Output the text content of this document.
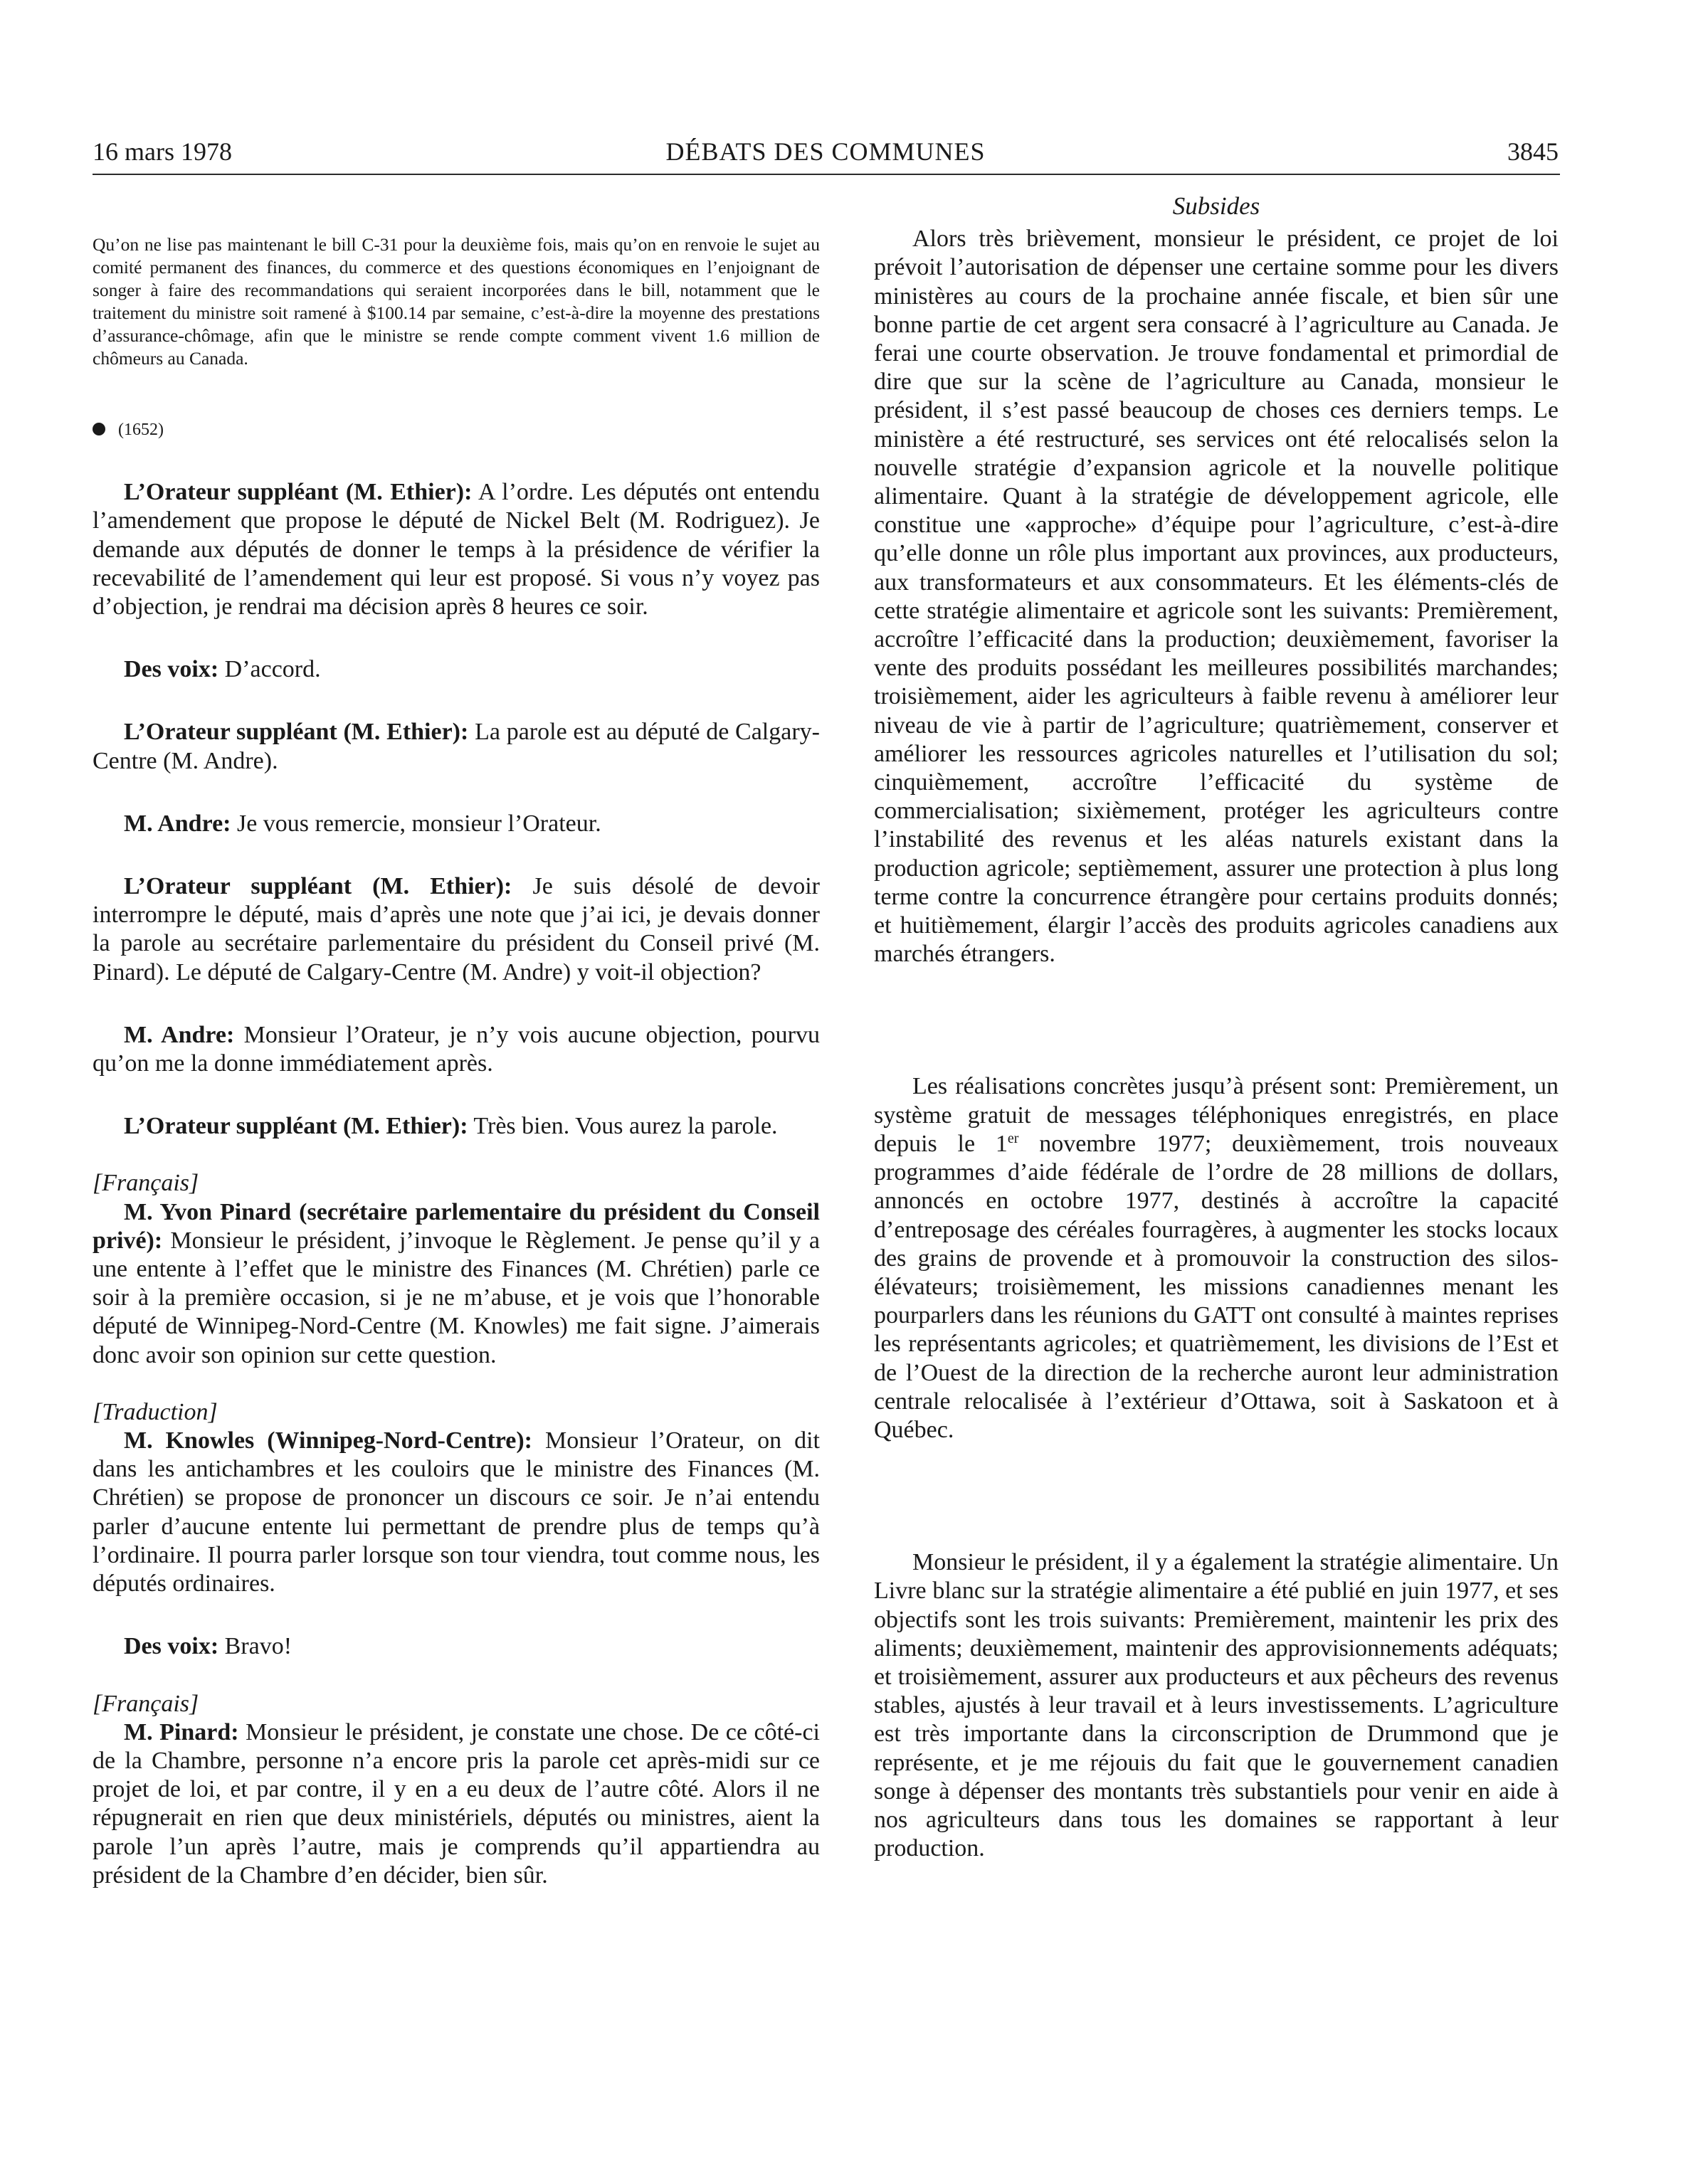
16 mars 1978	DÉBATS DES COMMUNES	3845

Qu’on ne lise pas maintenant le bill C-31 pour la deuxième fois, mais qu’on en renvoie le sujet au comité permanent des finances, du commerce et des questions économiques en l’enjoignant de songer à faire des recommandations qui seraient incorporées dans le bill, notamment que le traitement du ministre soit ramené à $100.14 par semaine, c’est-à-dire la moyenne des prestations d’assurance-chômage, afin que le ministre se rende compte comment vivent 1.6 million de chômeurs au Canada.

(1652)

L’Orateur suppléant (M. Ethier): A l’ordre. Les députés ont entendu l’amendement que propose le député de Nickel Belt (M. Rodriguez). Je demande aux députés de donner le temps à la présidence de vérifier la recevabilité de l’amendement qui leur est proposé. Si vous n’y voyez pas d’objection, je rendrai ma décision après 8 heures ce soir.

Des voix: D’accord.

L’Orateur suppléant (M. Ethier): La parole est au député de Calgary-Centre (M. Andre).

M. Andre: Je vous remercie, monsieur l’Orateur.

L’Orateur suppléant (M. Ethier): Je suis désolé de devoir interrompre le député, mais d’après une note que j’ai ici, je devais donner la parole au secrétaire parlementaire du président du Conseil privé (M. Pinard). Le député de Calgary-Centre (M. Andre) y voit-il objection?

M. Andre: Monsieur l’Orateur, je n’y vois aucune objection, pourvu qu’on me la donne immédiatement après.

L’Orateur suppléant (M. Ethier): Très bien. Vous aurez la parole.

[Français]

M. Yvon Pinard (secrétaire parlementaire du président du Conseil privé): Monsieur le président, j’invoque le Règlement. Je pense qu’il y a une entente à l’effet que le ministre des Finances (M. Chrétien) parle ce soir à la première occasion, si je ne m’abuse, et je vois que l’honorable député de Winnipeg-Nord-Centre (M. Knowles) me fait signe. J’aimerais donc avoir son opinion sur cette question.

[Traduction]

M. Knowles (Winnipeg-Nord-Centre): Monsieur l’Orateur, on dit dans les antichambres et les couloirs que le ministre des Finances (M. Chrétien) se propose de prononcer un discours ce soir. Je n’ai entendu parler d’aucune entente lui permettant de prendre plus de temps qu’à l’ordinaire. Il pourra parler lorsque son tour viendra, tout comme nous, les députés ordinaires.

Des voix: Bravo!

[Français]

M. Pinard: Monsieur le président, je constate une chose. De ce côté-ci de la Chambre, personne n’a encore pris la parole cet après-midi sur ce projet de loi, et par contre, il y en a eu deux de l’autre côté. Alors il ne répugnerait en rien que deux ministériels, députés ou ministres, aient la parole l’un après l’autre, mais je comprends qu’il appartiendra au président de la Chambre d’en décider, bien sûr.

Subsides

Alors très brièvement, monsieur le président, ce projet de loi prévoit l’autorisation de dépenser une certaine somme pour les divers ministères au cours de la prochaine année fiscale, et bien sûr une bonne partie de cet argent sera consacré à l’agriculture au Canada. Je ferai une courte observation. Je trouve fondamental et primordial de dire que sur la scène de l’agriculture au Canada, monsieur le président, il s’est passé beaucoup de choses ces derniers temps. Le ministère a été restructuré, ses services ont été relocalisés selon la nouvelle stratégie d’expansion agricole et la nouvelle politique alimentaire. Quant à la stratégie de développement agricole, elle constitue une «approche» d’équipe pour l’agriculture, c’est-à-dire qu’elle donne un rôle plus important aux provinces, aux producteurs, aux transformateurs et aux consommateurs. Et les éléments-clés de cette stratégie alimentaire et agricole sont les suivants: Premièrement, accroître l’efficacité dans la production; deuxièmement, favoriser la vente des produits possédant les meilleures possibilités marchandes; troisièmement, aider les agriculteurs à faible revenu à améliorer leur niveau de vie à partir de l’agriculture; quatrièmement, conserver et améliorer les ressources agricoles naturelles et l’utilisation du sol; cinquièmement, accroître l’efficacité du système de commercialisation; sixièmement, protéger les agriculteurs contre l’instabilité des revenus et les aléas naturels existant dans la production agricole; septièmement, assurer une protection à plus long terme contre la concurrence étrangère pour certains produits donnés; et huitièmement, élargir l’accès des produits agricoles canadiens aux marchés étrangers.

Les réalisations concrètes jusqu’à présent sont: Premièrement, un système gratuit de messages téléphoniques enregistrés, en place depuis le 1er novembre 1977; deuxièmement, trois nouveaux programmes d’aide fédérale de l’ordre de 28 millions de dollars, annoncés en octobre 1977, destinés à accroître la capacité d’entreposage des céréales fourragères, à augmenter les stocks locaux des grains de provende et à promouvoir la construction des silos-élévateurs; troisièmement, les missions canadiennes menant les pourparlers dans les réunions du GATT ont consulté à maintes reprises les représentants agricoles; et quatrièmement, les divisions de l’Est et de l’Ouest de la direction de la recherche auront leur administration centrale relocalisée à l’extérieur d’Ottawa, soit à Saskatoon et à Québec.

Monsieur le président, il y a également la stratégie alimentaire. Un Livre blanc sur la stratégie alimentaire a été publié en juin 1977, et ses objectifs sont les trois suivants: Premièrement, maintenir les prix des aliments; deuxièmement, maintenir des approvisionnements adéquats; et troisièmement, assurer aux producteurs et aux pêcheurs des revenus stables, ajustés à leur travail et à leurs investissements. L’agriculture est très importante dans la circonscription de Drummond que je représente, et je me réjouis du fait que le gouvernement canadien songe à dépenser des montants très substantiels pour venir en aide à nos agriculteurs dans tous les domaines se rapportant à leur production.
